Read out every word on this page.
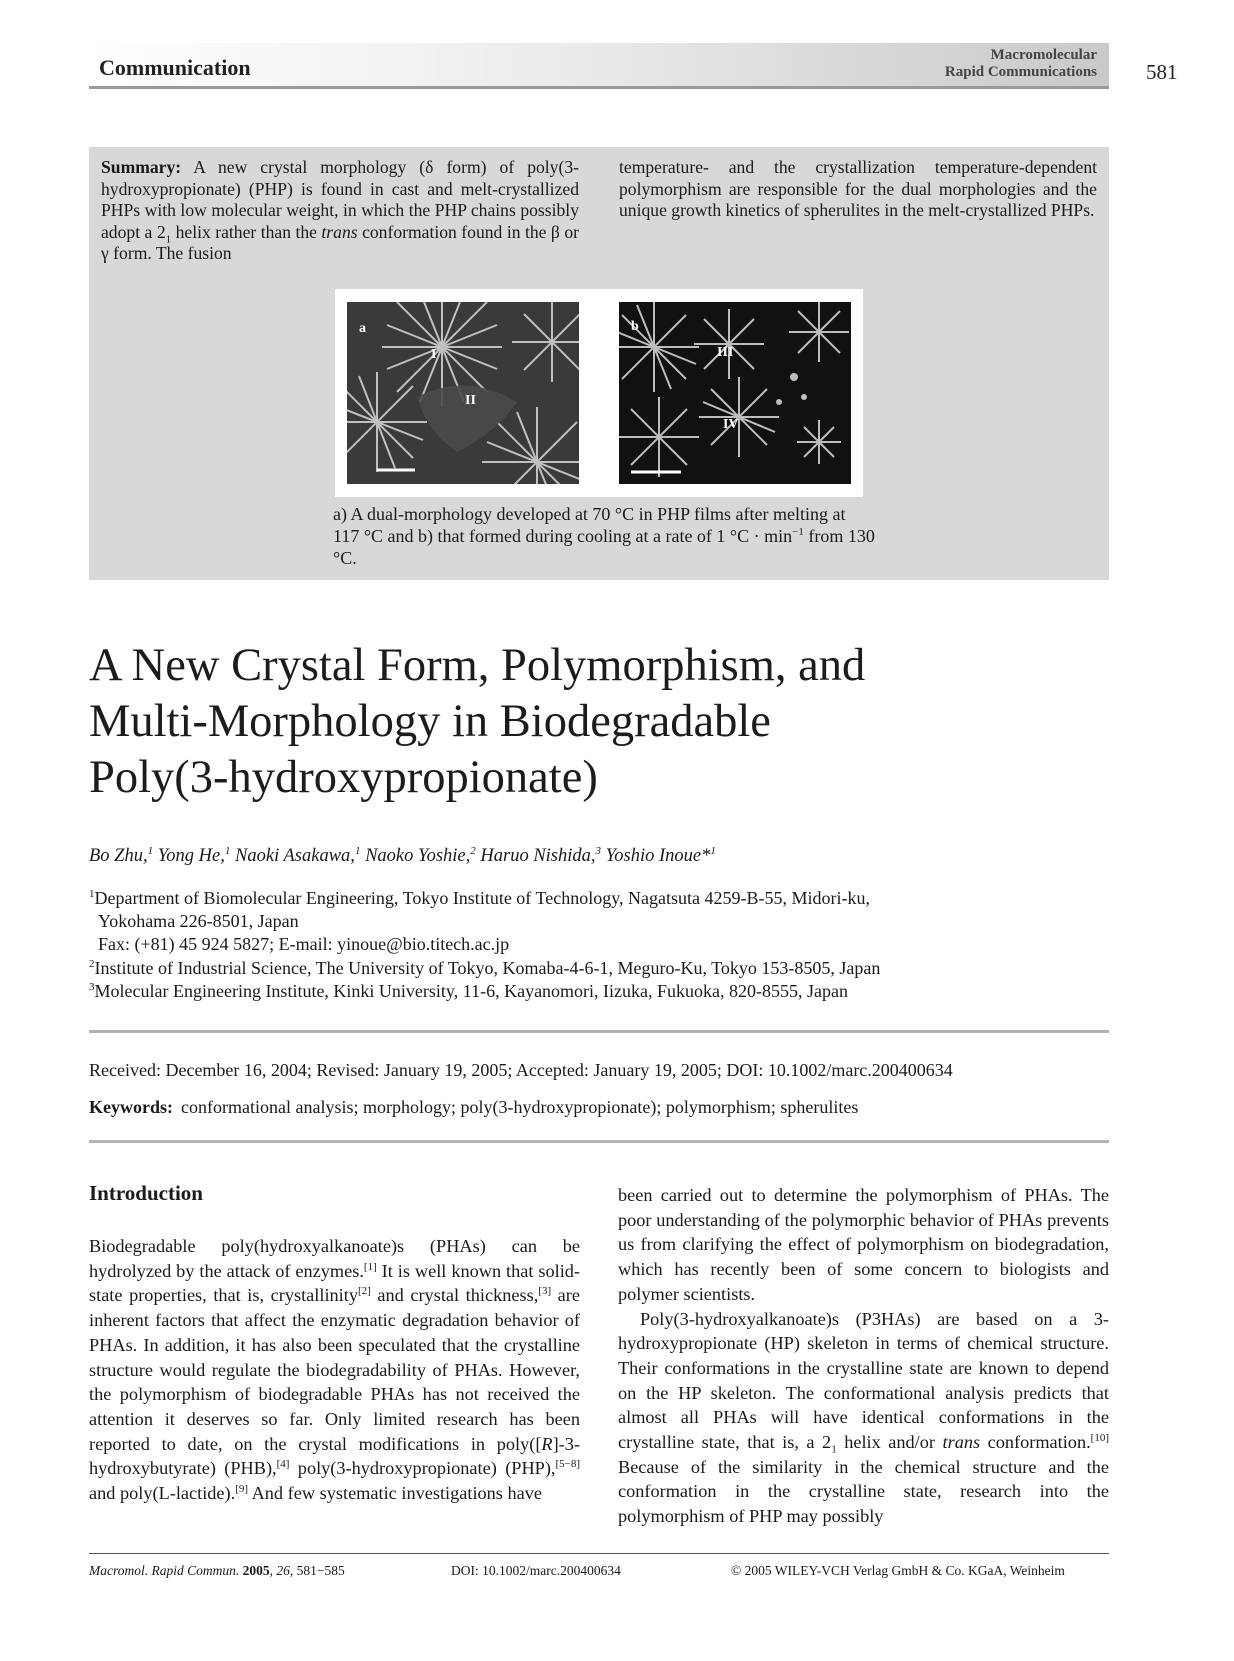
Communication	Macromolecular
Rapid Communications 581
Summary: A new crystal morphology (δ form) of poly(3-hydroxypropionate) (PHP) is found in cast and melt-crystallized PHPs with low molecular weight, in which the PHP chains possibly adopt a $2_1$ helix rather than the trans conformation found in the β or γ form. The fusion
temperature- and the crystallization temperature-dependent polymorphism are responsible for the dual morphologies and the unique growth kinetics of spherulites in the melt-crystallized PHPs.
a
I
II
b
III
IV
a) A dual-morphology developed at 70 °C in PHP films after melting at 117 °C and b) that formed during cooling at a rate of 1 $^\circ C \cdot \min^{-1}$ from 130 °C.
A New Crystal Form, Polymorphism, and
Multi-Morphology in Biodegradable
Poly(3-hydroxypropionate)
Bo Zhu,$^1$ Yong He,$^1$ Naoki Asakawa,$^1$ Naoko Yoshie,$^2$ Haruo Nishida,$^3$ Yoshio Inoue*$^1$
$^1$Department of Biomolecular Engineering, Tokyo Institute of Technology, Nagatsuta 4259-B-55, Midori-ku,
Yokohama 226-8501, Japan
Fax: (+81) 45 924 5827; E-mail: yinoue@bio.titech.ac.jp
$^2$Institute of Industrial Science, The University of Tokyo, Komaba-4-6-1, Meguro-Ku, Tokyo 153-8505, Japan
$^3$Molecular Engineering Institute, Kinki University, 11-6, Kayanomori, Iizuka, Fukuoka, 820-8555, Japan
Received: December 16, 2004; Revised: January 19, 2005; Accepted: January 19, 2005; DOI: 10.1002/marc.200400634
Keywords: conformational analysis; morphology; poly(3-hydroxypropionate); polymorphism; spherulites
Introduction

Biodegradable poly(hydroxyalkanoate)s (PHAs) can be hydrolyzed by the attack of enzymes.[1] It is well known that solid-state properties, that is, crystallinity[2] and crystal thickness,[3] are inherent factors that affect the enzymatic degradation behavior of PHAs. In addition, it has also been speculated that the crystalline structure would regulate the biodegradability of PHAs. However, the polymorphism of biodegradable PHAs has not received the attention it deserves so far. Only limited research has been reported to date, on the crystal modifications in poly([R]-3-hydroxybutyrate) (PHB),[4] poly(3-hydroxypropionate) (PHP),[5−8] and poly(L-lactide).[9] And few systematic investigations have

been carried out to determine the polymorphism of PHAs. The poor understanding of the polymorphic behavior of PHAs prevents us from clarifying the effect of polymorphism on biodegradation, which has recently been of some concern to biologists and polymer scientists.

Poly(3-hydroxyalkanoate)s (P3HAs) are based on a 3-hydroxypropionate (HP) skeleton in terms of chemical structure. Their conformations in the crystalline state are known to depend on the HP skeleton. The conformational analysis predicts that almost all PHAs will have identical conformations in the crystalline state, that is, a $2_1$ helix and/or trans conformation.[10] Because of the similarity in the chemical structure and the conformation in the crystalline state, research into the polymorphism of PHP may possibly

Macromol. Rapid Commun. 2005, 26, 581−585	DOI: 10.1002/marc.200400634	© 2005 WILEY-VCH Verlag GmbH & Co. KGaA, Weinheim
